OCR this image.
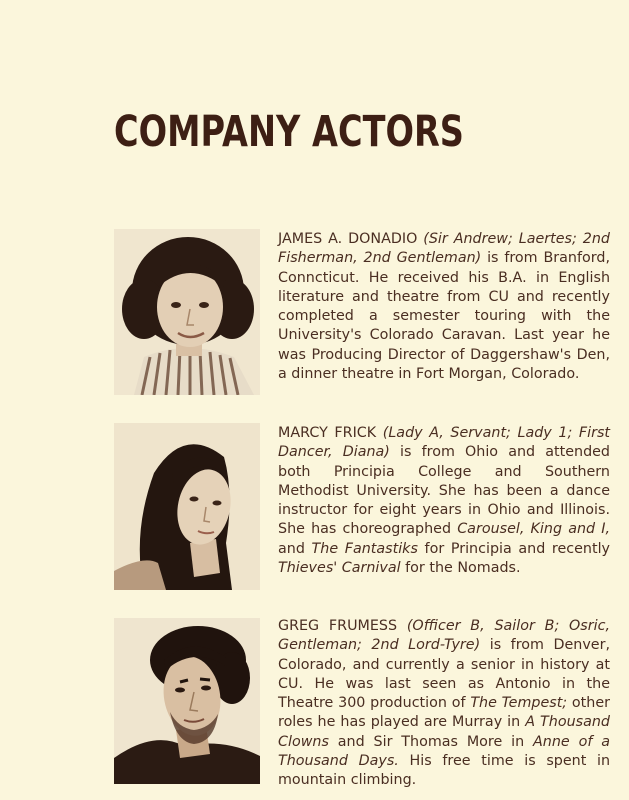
COMPANY ACTORS
JAMES A. DONADIO (Sir Andrew; Laertes; 2nd Fisherman, 2nd Gentleman) is from Branford, Conncticut. He received his B.A. in English literature and theatre from CU and recently completed a semester touring with the University's Colorado Caravan. Last year he was Producing Director of Daggershaw's Den, a dinner theatre in Fort Morgan, Colorado.
MARCY FRICK (Lady A, Servant; Lady 1; First Dancer, Diana) is from Ohio and attended both Principia College and Southern Methodist University. She has been a dance instructor for eight years in Ohio and Illinois. She has choreographed Carousel, King and I, and The Fantastiks for Principia and recently Thieves' Carnival for the Nomads.
GREG FRUMESS (Officer B, Sailor B; Osric, Gentleman; 2nd Lord-Tyre) is from Denver, Colorado, and currently a senior in history at CU. He was last seen as Antonio in the Theatre 300 production of The Tempest; other roles he has played are Murray in A Thousand Clowns and Sir Thomas More in Anne of a Thousand Days. His free time is spent in mountain climbing.
